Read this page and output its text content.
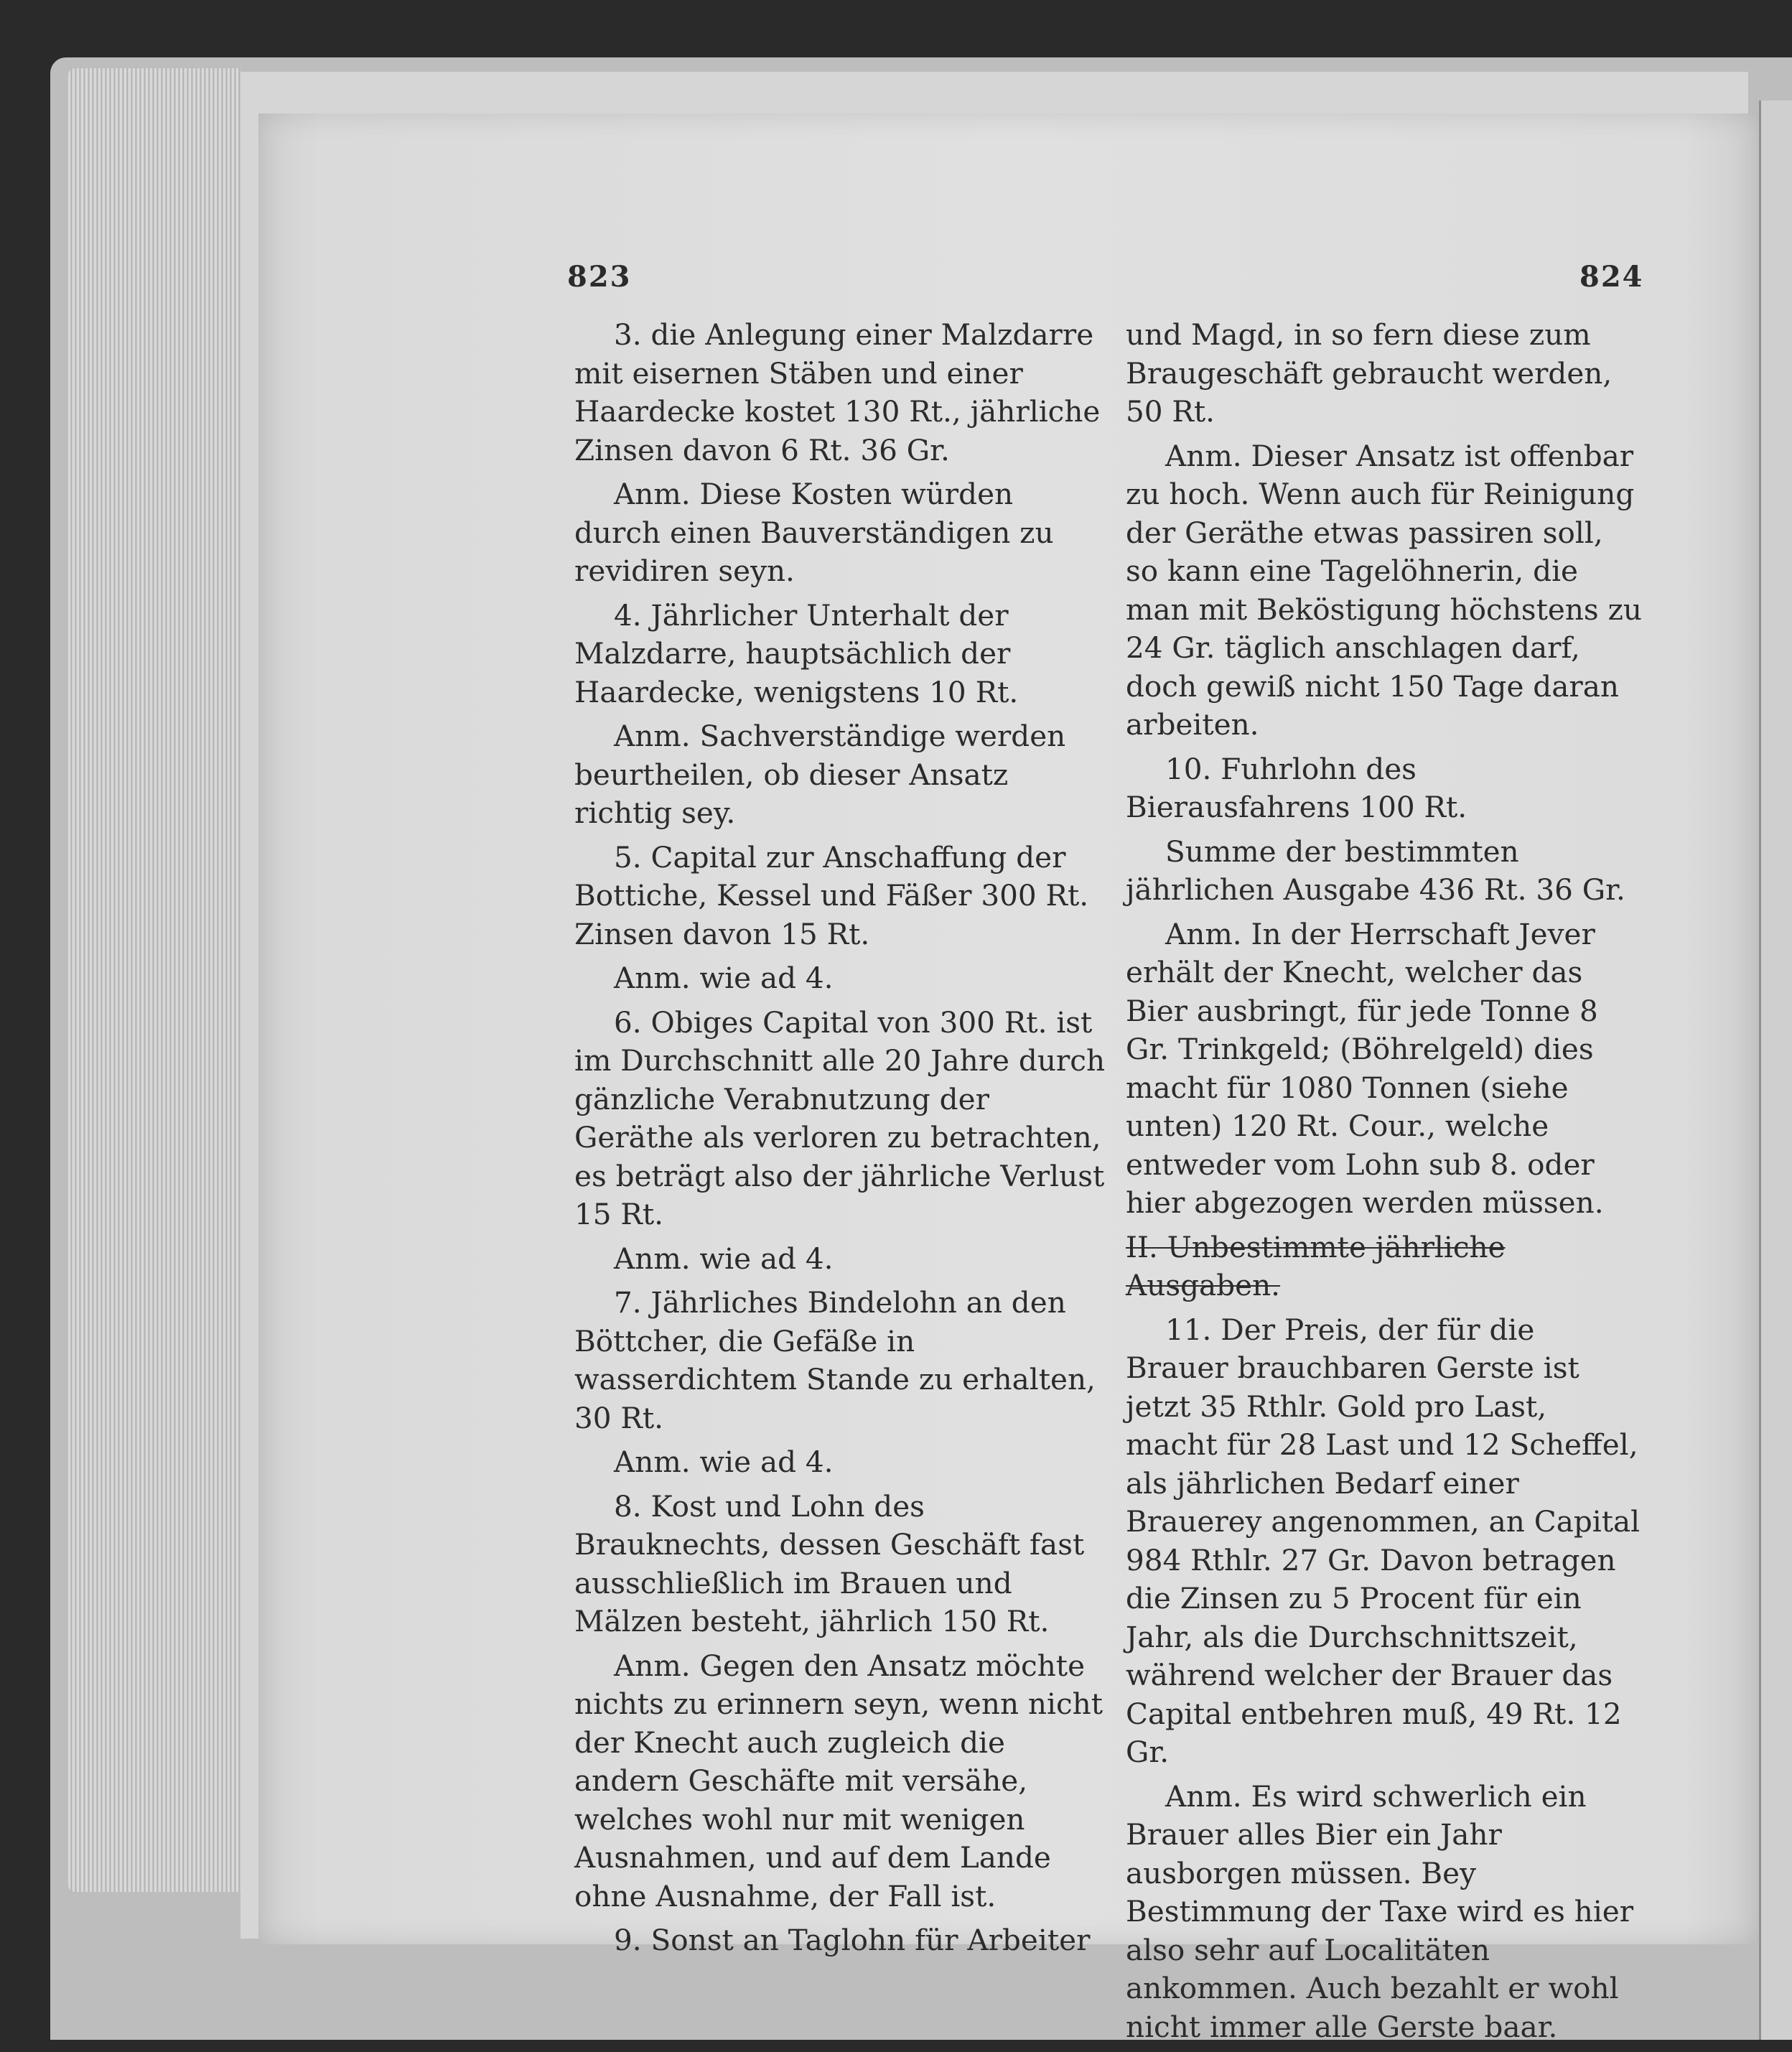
823	824

3. die Anlegung einer Malzdarre mit eisernen Stäben und einer Haardecke kostet 130 Rt., jährliche Zinsen davon 6 Rt. 36 Gr.

Anm. Diese Kosten würden durch einen Bauverständigen zu revidiren seyn.

4. Jährlicher Unterhalt der Malzdarre, hauptsächlich der Haardecke, wenigstens 10 Rt.

Anm. Sachverständige werden beurtheilen, ob dieser Ansatz richtig sey.

5. Capital zur Anschaffung der Bottiche, Kessel und Fäßer 300 Rt. Zinsen davon 15 Rt.

Anm. wie ad 4.

6. Obiges Capital von 300 Rt. ist im Durchschnitt alle 20 Jahre durch gänzliche Verabnutzung der Geräthe als verloren zu betrachten, es beträgt also der jährliche Verlust 15 Rt.

Anm. wie ad 4.

7. Jährliches Bindelohn an den Böttcher, die Gefäße in wasserdichtem Stande zu erhalten, 30 Rt.

Anm. wie ad 4.

8. Kost und Lohn des Brauknechts, dessen Geschäft fast ausschließlich im Brauen und Mälzen besteht, jährlich 150 Rt.

Anm. Gegen den Ansatz möchte nichts zu erinnern seyn, wenn nicht der Knecht auch zugleich die andern Geschäfte mit versähe, welches wohl nur mit wenigen Ausnahmen, und auf dem Lande ohne Ausnahme, der Fall ist.

9. Sonst an Taglohn für Arbeiter

und Magd, in so fern diese zum Braugeschäft gebraucht werden, 50 Rt.

Anm. Dieser Ansatz ist offenbar zu hoch. Wenn auch für Reinigung der Geräthe etwas passiren soll, so kann eine Tagelöhnerin, die man mit Beköstigung höchstens zu 24 Gr. täglich anschlagen darf, doch gewiß nicht 150 Tage daran arbeiten.

10. Fuhrlohn des Bierausfahrens 100 Rt.

Summe der bestimmten jährlichen Ausgabe 436 Rt. 36 Gr.

Anm. In der Herrschaft Jever erhält der Knecht, welcher das Bier ausbringt, für jede Tonne 8 Gr. Trinkgeld; (Böhrelgeld) dies macht für 1080 Tonnen (siehe unten) 120 Rt. Cour., welche entweder vom Lohn sub 8. oder hier abgezogen werden müssen.

II. Unbestimmte jährliche Ausgaben.

11. Der Preis, der für die Brauer brauchbaren Gerste ist jetzt 35 Rthlr. Gold pro Last, macht für 28 Last und 12 Scheffel, als jährlichen Bedarf einer Brauerey angenommen, an Capital 984 Rthlr. 27 Gr. Davon betragen die Zinsen zu 5 Procent für ein Jahr, als die Durchschnittszeit, während welcher der Brauer das Capital entbehren muß, 49 Rt. 12 Gr.

Anm. Es wird schwerlich ein Brauer alles Bier ein Jahr ausborgen müssen. Bey Bestimmung der Taxe wird es hier also sehr auf Localitäten ankommen. Auch bezahlt er wohl nicht immer alle Gerste baar.
